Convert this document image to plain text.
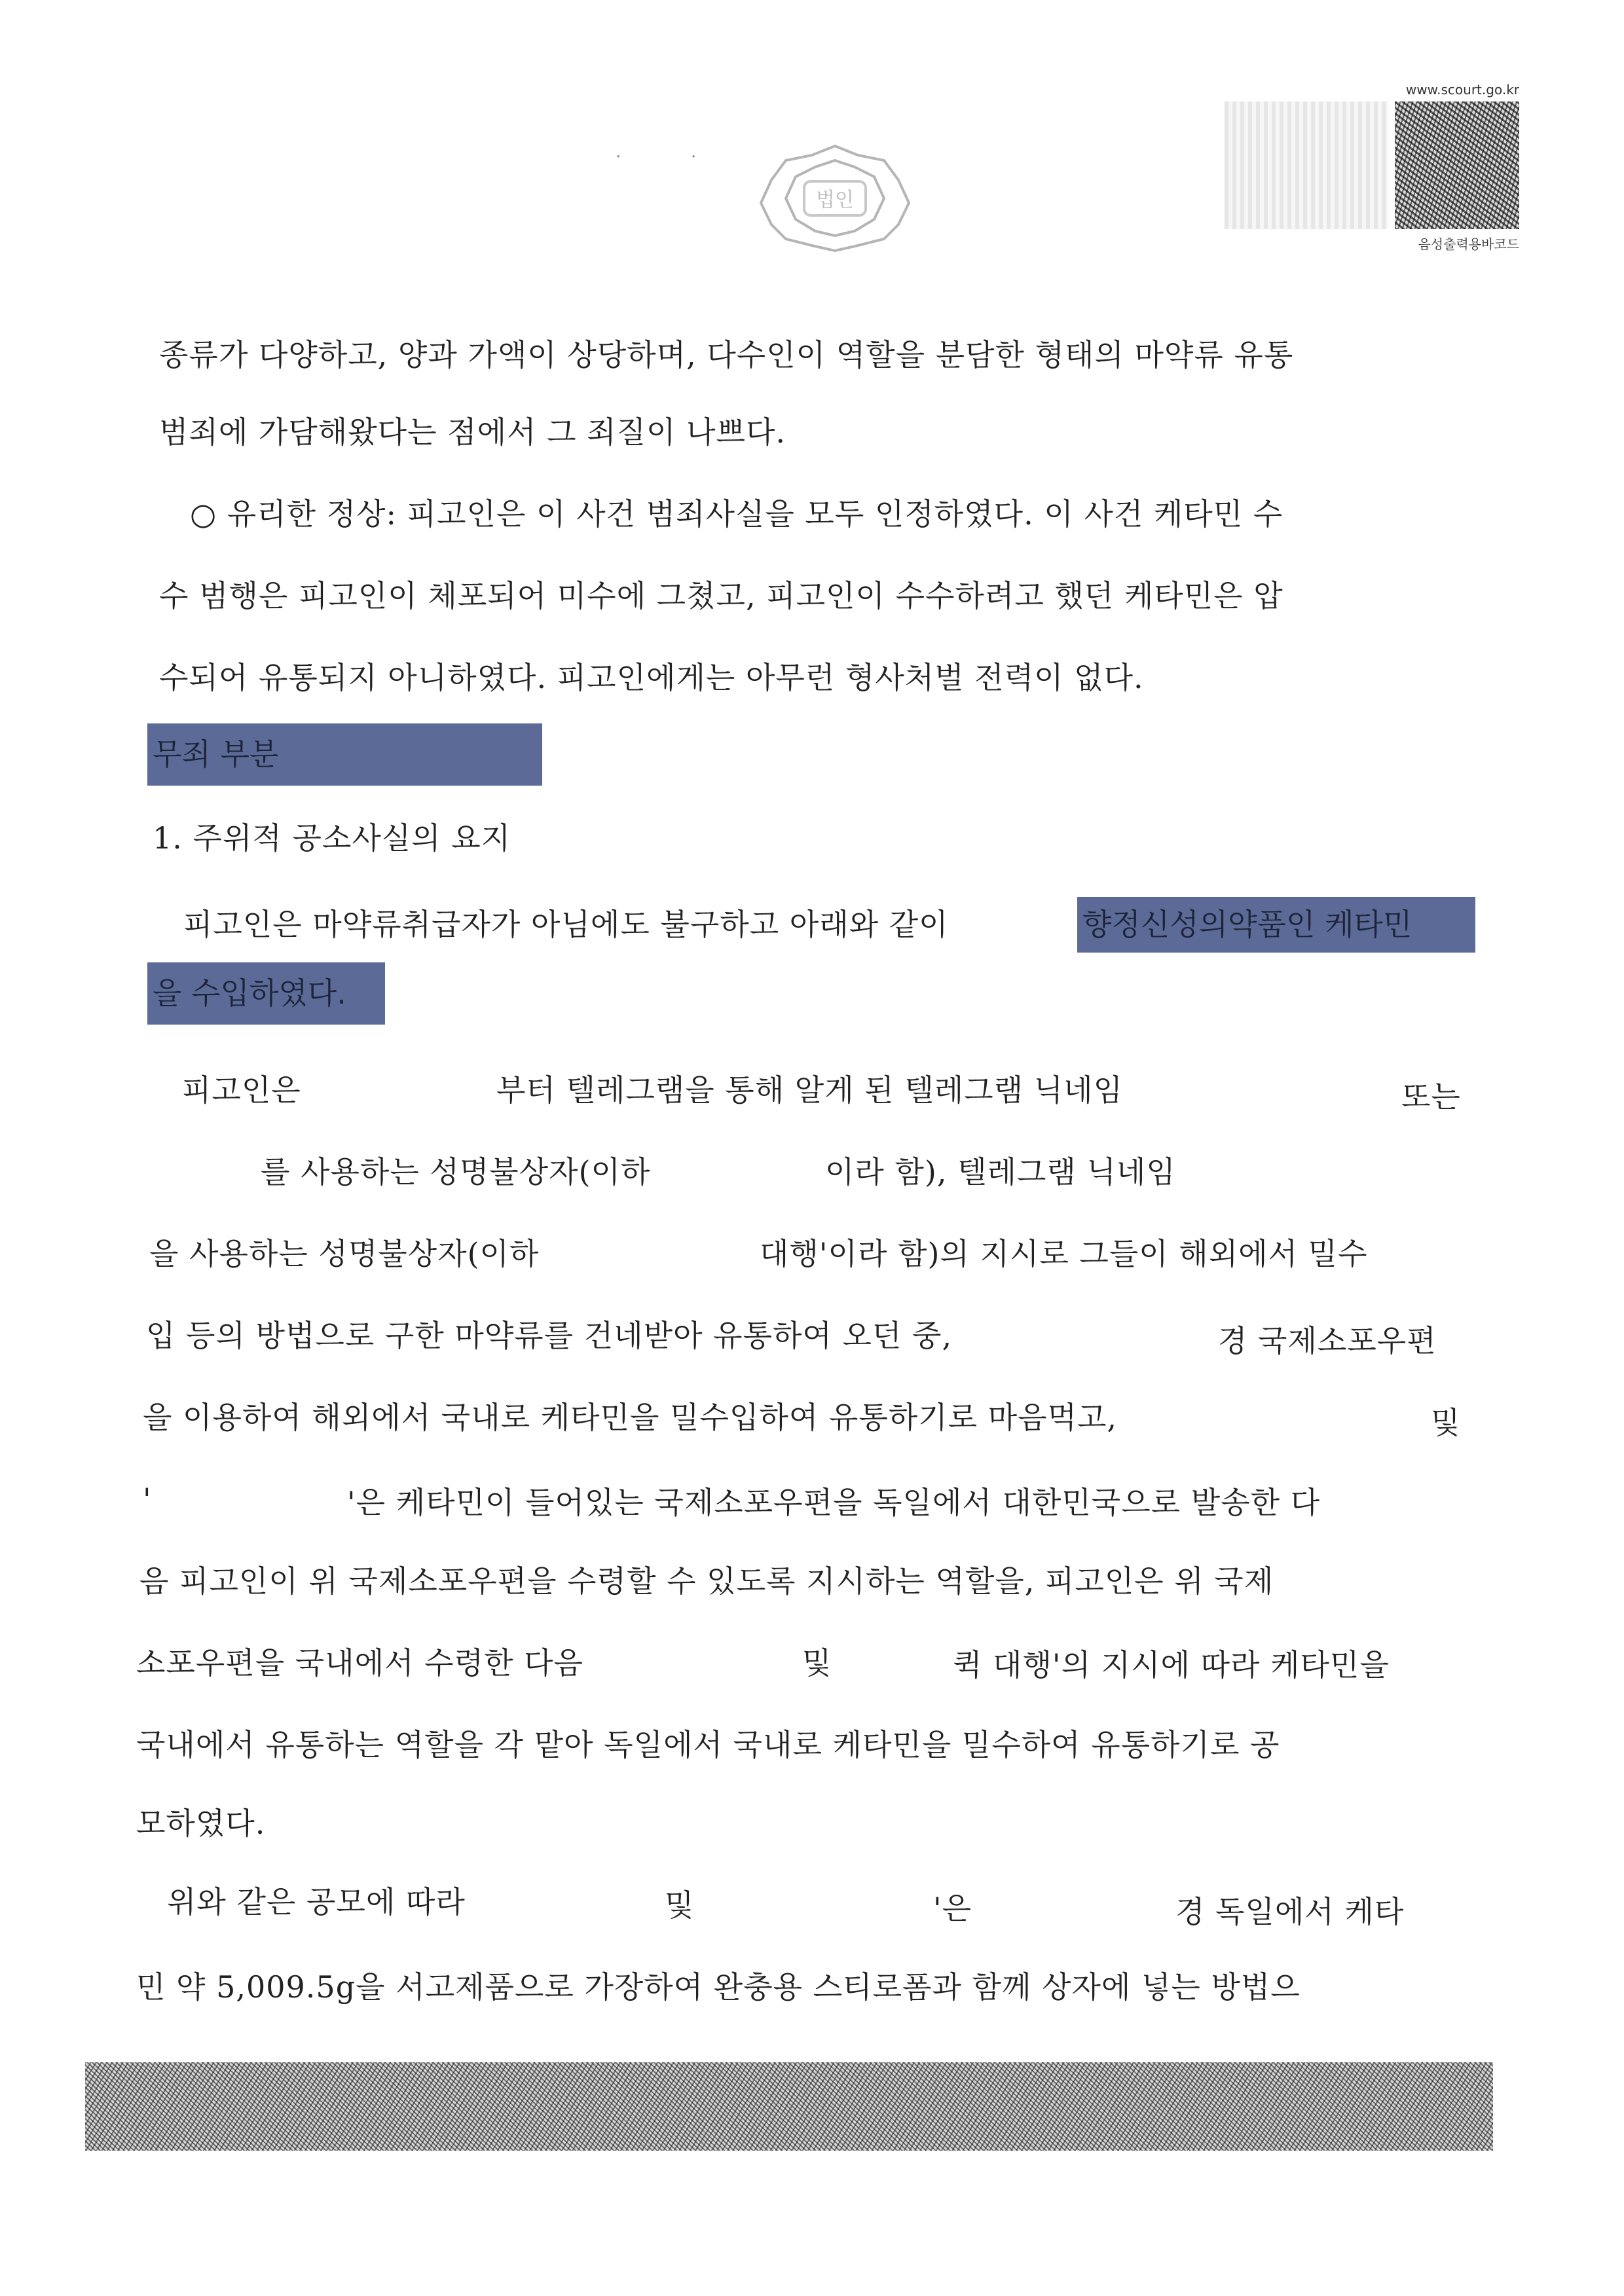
·	·
법인
www.scourt.go.kr
음성출력용바코드
종류가 다양하고, 양과 가액이 상당하며, 다수인이 역할을 분담한 형태의 마약류 유통
범죄에 가담해왔다는 점에서 그 죄질이 나쁘다.
○ 유리한 정상: 피고인은 이 사건 범죄사실을 모두 인정하였다. 이 사건 케타민 수
수 범행은 피고인이 체포되어 미수에 그쳤고, 피고인이 수수하려고 했던 케타민은 압
수되어 유통되지 아니하였다. 피고인에게는 아무런 형사처벌 전력이 없다.
무죄 부분
1. 주위적 공소사실의 요지
피고인은 마약류취급자가 아님에도 불구하고 아래와 같이	향정신성의약품인 케타민
을 수입하였다.
피고인은	부터 텔레그램을 통해 알게 된 텔레그램 닉네임	또는
를 사용하는 성명불상자(이하	이라 함), 텔레그램 닉네임
을 사용하는 성명불상자(이하	대행'이라 함)의 지시로 그들이 해외에서 밀수
입 등의 방법으로 구한 마약류를 건네받아 유통하여 오던 중,	경 국제소포우편
을 이용하여 해외에서 국내로 케타민을 밀수입하여 유통하기로 마음먹고,	및
'	'은 케타민이 들어있는 국제소포우편을 독일에서 대한민국으로 발송한 다
음 피고인이 위 국제소포우편을 수령할 수 있도록 지시하는 역할을, 피고인은 위 국제
소포우편을 국내에서 수령한 다음	및	퀵 대행'의 지시에 따라 케타민을
국내에서 유통하는 역할을 각 맡아 독일에서 국내로 케타민을 밀수하여 유통하기로 공
모하였다.
위와 같은 공모에 따라	및	'은	경 독일에서 케타
민 약 5,009.5g을 서고제품으로 가장하여 완충용 스티로폼과 함께 상자에 넣는 방법으
